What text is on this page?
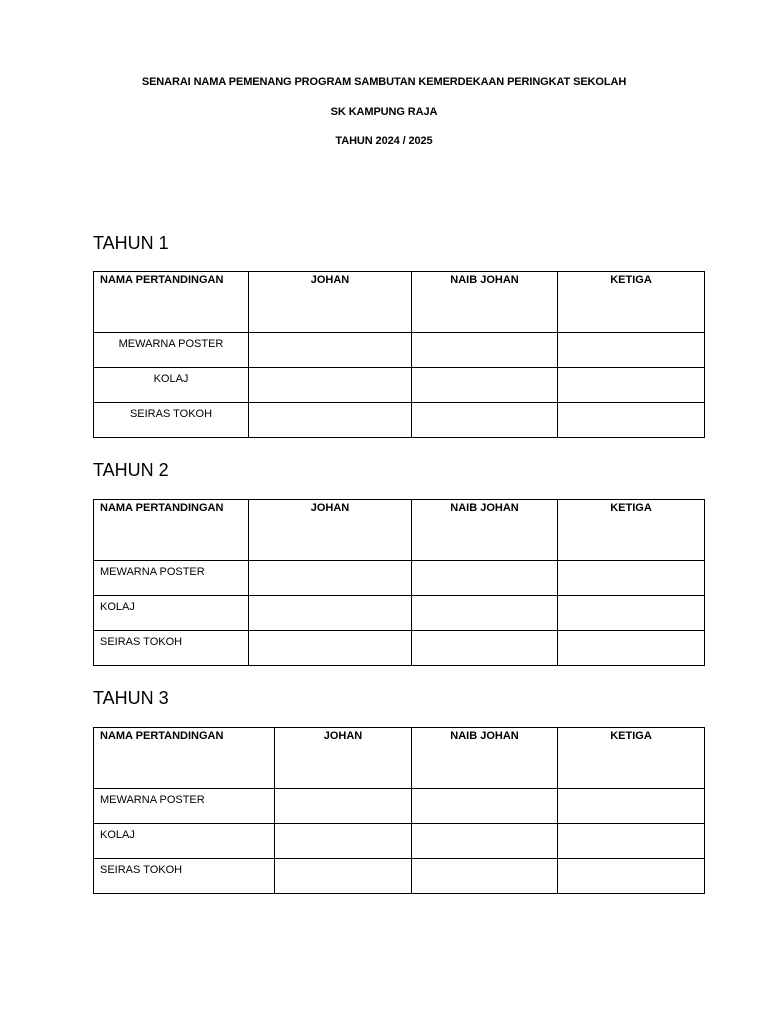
SENARAI NAMA PEMENANG PROGRAM SAMBUTAN KEMERDEKAAN PERINGKAT SEKOLAH
SK KAMPUNG RAJA
TAHUN 2024 / 2025
TAHUN 1
NAMA PERTANDINGAN	JOHAN	NAIB JOHAN	KETIGA
MEWARNA POSTER			
KOLAJ			
SEIRAS TOKOH			
TAHUN 2
NAMA PERTANDINGAN	JOHAN	NAIB JOHAN	KETIGA
MEWARNA POSTER			
KOLAJ			
SEIRAS TOKOH			
TAHUN 3
NAMA PERTANDINGAN	JOHAN	NAIB JOHAN	KETIGA
MEWARNA POSTER			
KOLAJ			
SEIRAS TOKOH			
